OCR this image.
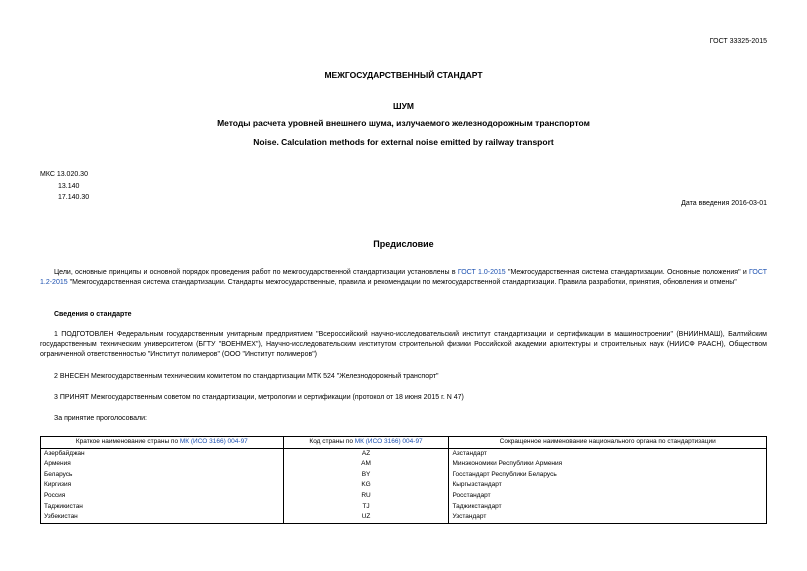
ГОСТ 33325-2015
МЕЖГОСУДАРСТВЕННЫЙ СТАНДАРТ
ШУМ
Методы расчета уровней внешнего шума, излучаемого железнодорожным транспортом
Noise. Calculation methods for external noise emitted by railway transport
МКС 13.020.30
13.140
17.140.30
Дата введения 2016-03-01
Предисловие
Цели, основные принципы и основной порядок проведения работ по межгосударственной стандартизации установлены в ГОСТ 1.0-2015 "Межгосударственная система стандартизации. Основные положения" и ГОСТ 1.2-2015 "Межгосударственная система стандартизации. Стандарты межгосударственные, правила и рекомендации по межгосударственной стандартизации. Правила разработки, принятия, обновления и отмены"
Сведения о стандарте
1 ПОДГОТОВЛЕН Федеральным государственным унитарным предприятием "Всероссийский научно-исследовательский институт стандартизации и сертификации в машиностроении" (ВНИИНМАШ), Балтийским государственным техническим университетом (БГТУ "ВОЕНМЕХ"), Научно-исследовательским институтом строительной физики Российской академии архитектуры и строительных наук (НИИСФ РААСН), Обществом ограниченной ответственностью "Институт полимеров" (ООО "Институт полимеров")
2 ВНЕСЕН Межгосударственным техническим комитетом по стандартизации МТК 524 "Железнодорожный транспорт"
3 ПРИНЯТ Межгосударственным советом по стандартизации, метрологии и сертификации (протокол от 18 июня 2015 г. N 47)
За принятие проголосовали:
Краткое наименование страны по МК (ИСО 3166) 004-97	Код страны по МК (ИСО 3166) 004-97	Сокращенное наименование национального органа по стандартизации
Азербайджан	AZ	Азстандарт
Армения	AM	Минэкономики Республики Армения
Беларусь	BY	Госстандарт Республики Беларусь
Киргизия	KG	Кыргызстандарт
Россия	RU	Росстандарт
Таджикистан	TJ	Таджикстандарт
Узбекистан	UZ	Узстандарт
